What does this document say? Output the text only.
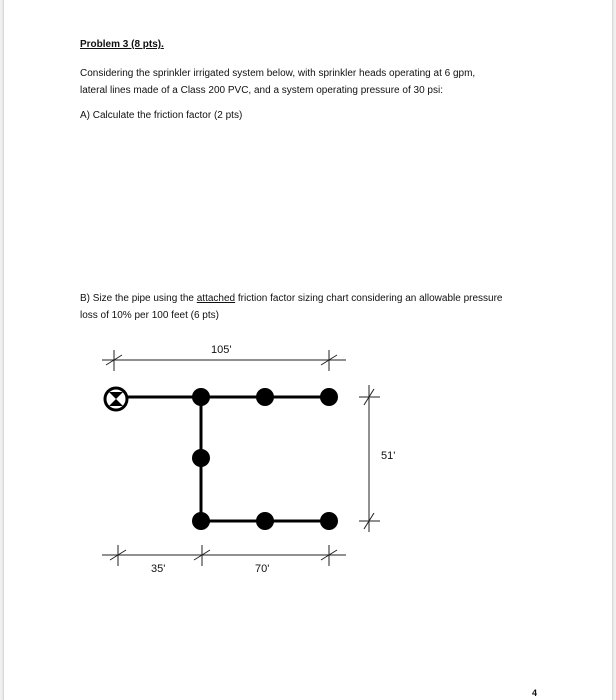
Problem 3 (8 pts).
Considering the sprinkler irrigated system below, with sprinkler heads operating at 6 gpm,
lateral lines made of a Class 200 PVC, and a system operating pressure of 30 psi:
A) Calculate the friction factor (2 pts)
B) Size the pipe using the attached friction factor sizing chart considering an allowable pressure
loss of 10% per 100 feet (6 pts)
105'
51'
35'	70'
4
